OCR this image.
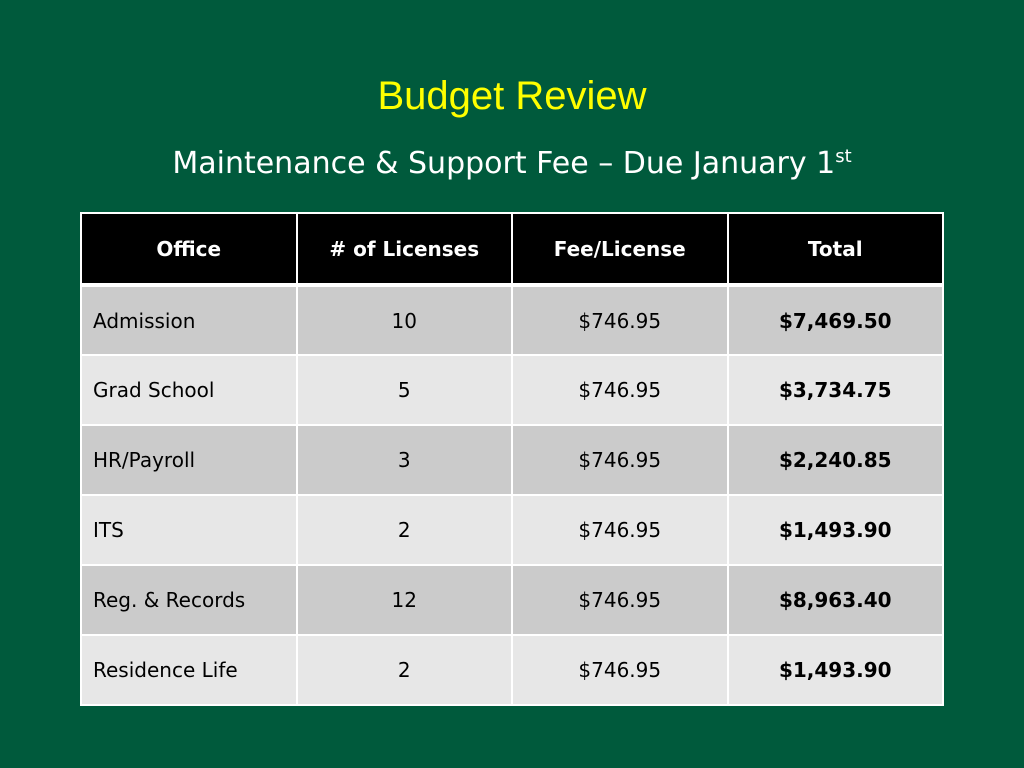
Budget Review
Maintenance & Support Fee – Due January 1st
Office	# of Licenses	Fee/License	Total
Admission	10	$746.95	$7,469.50
Grad School	5	$746.95	$3,734.75
HR/Payroll	3	$746.95	$2,240.85
ITS	2	$746.95	$1,493.90
Reg. & Records	12	$746.95	$8,963.40
Residence Life	2	$746.95	$1,493.90
